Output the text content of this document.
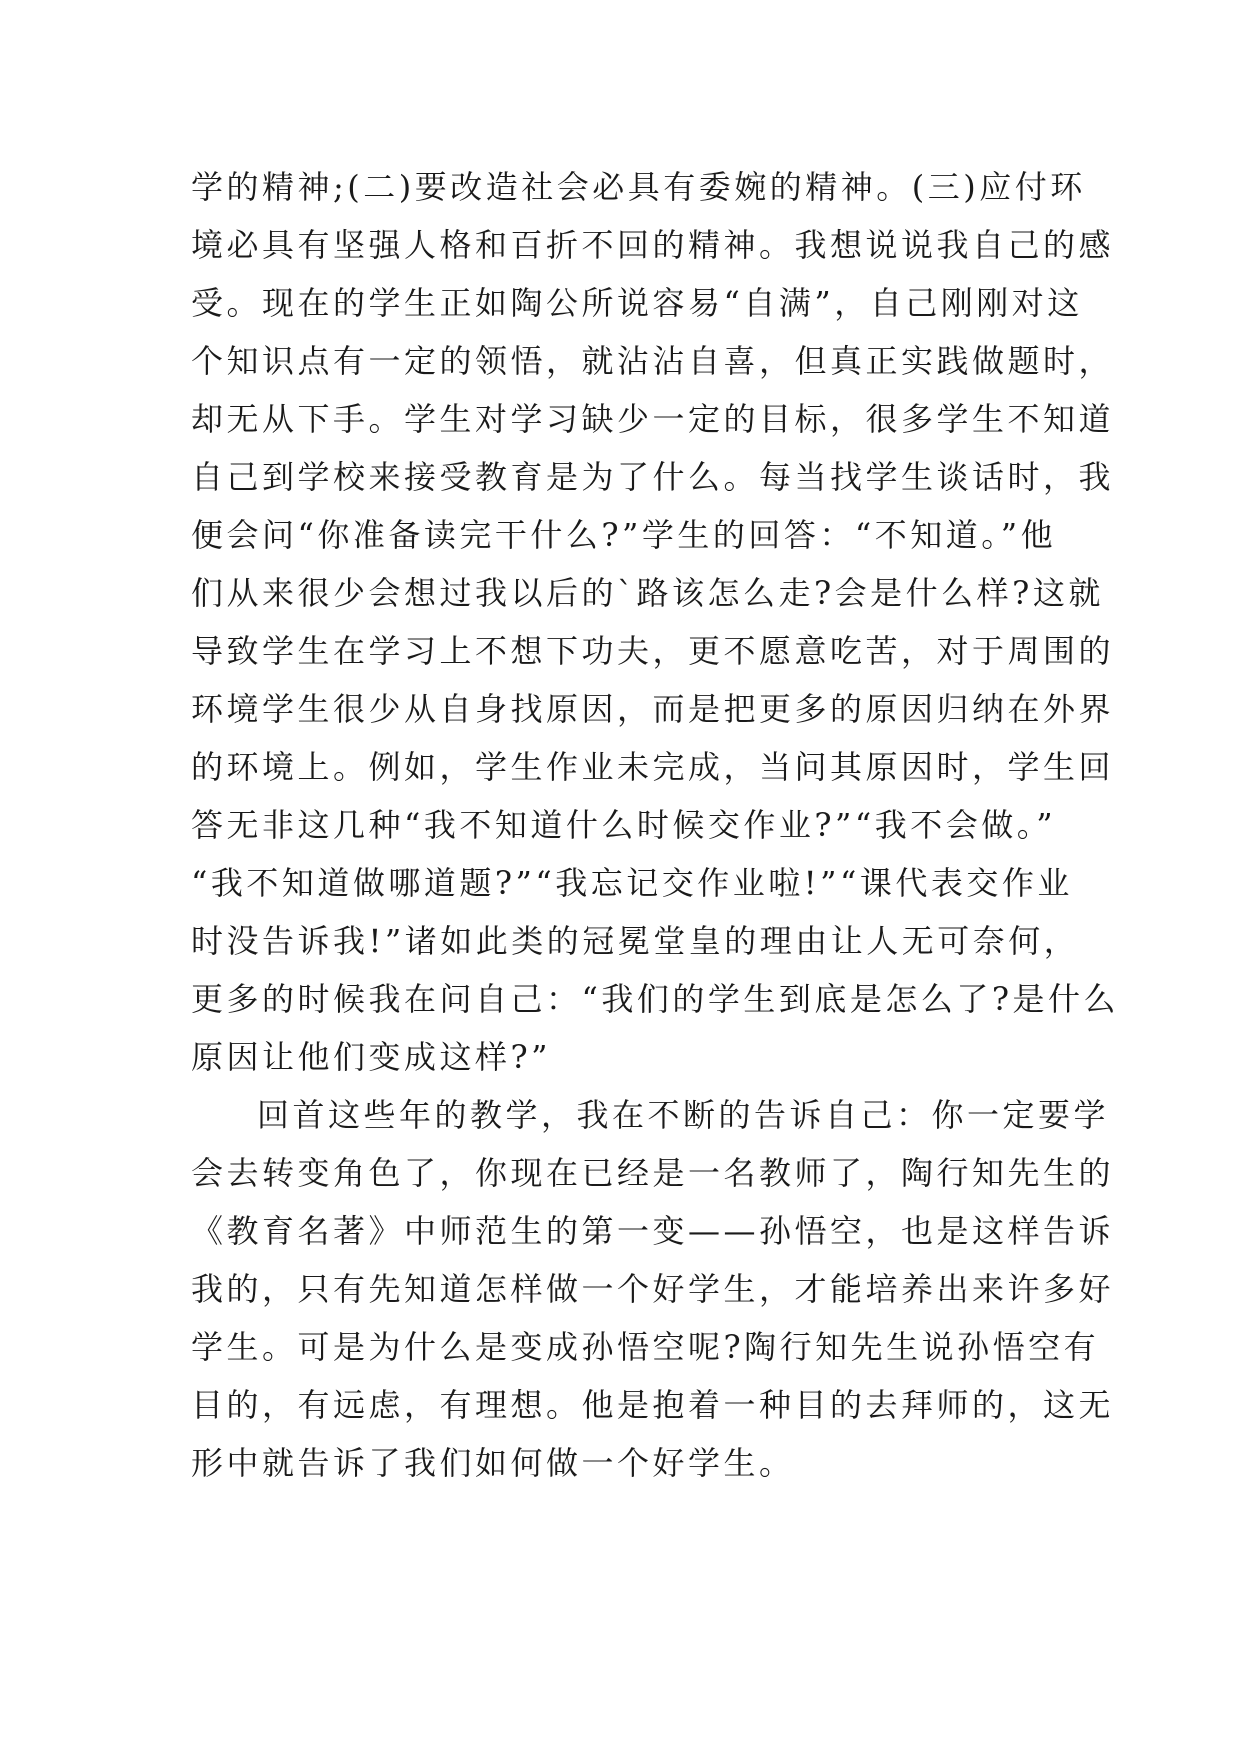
学的精神;(二)要改造社会必具有委婉的精神。(三)应付环
境必具有坚强人格和百折不回的精神。我想说说我自己的感
受。现在的学生正如陶公所说容易“自满”，自己刚刚对这
个知识点有一定的领悟，就沾沾自喜，但真正实践做题时，
却无从下手。学生对学习缺少一定的目标，很多学生不知道
自己到学校来接受教育是为了什么。每当找学生谈话时，我
便会问“你准备读完干什么?”学生的回答：“不知道。”他
们从来很少会想过我以后的`路该怎么走?会是什么样?这就
导致学生在学习上不想下功夫，更不愿意吃苦，对于周围的
环境学生很少从自身找原因，而是把更多的原因归纳在外界
的环境上。例如，学生作业未完成，当问其原因时，学生回
答无非这几种“我不知道什么时候交作业?”“我不会做。”
“我不知道做哪道题?”“我忘记交作业啦!”“课代表交作业
时没告诉我!”诸如此类的冠冕堂皇的理由让人无可奈何，
更多的时候我在问自己：“我们的学生到底是怎么了?是什么
原因让他们变成这样?”
回首这些年的教学，我在不断的告诉自己：你一定要学
会去转变角色了，你现在已经是一名教师了，陶行知先生的
《教育名著》中师范生的第一变——孙悟空，也是这样告诉
我的，只有先知道怎样做一个好学生，才能培养出来许多好
学生。可是为什么是变成孙悟空呢?陶行知先生说孙悟空有
目的，有远虑，有理想。他是抱着一种目的去拜师的，这无
形中就告诉了我们如何做一个好学生。
